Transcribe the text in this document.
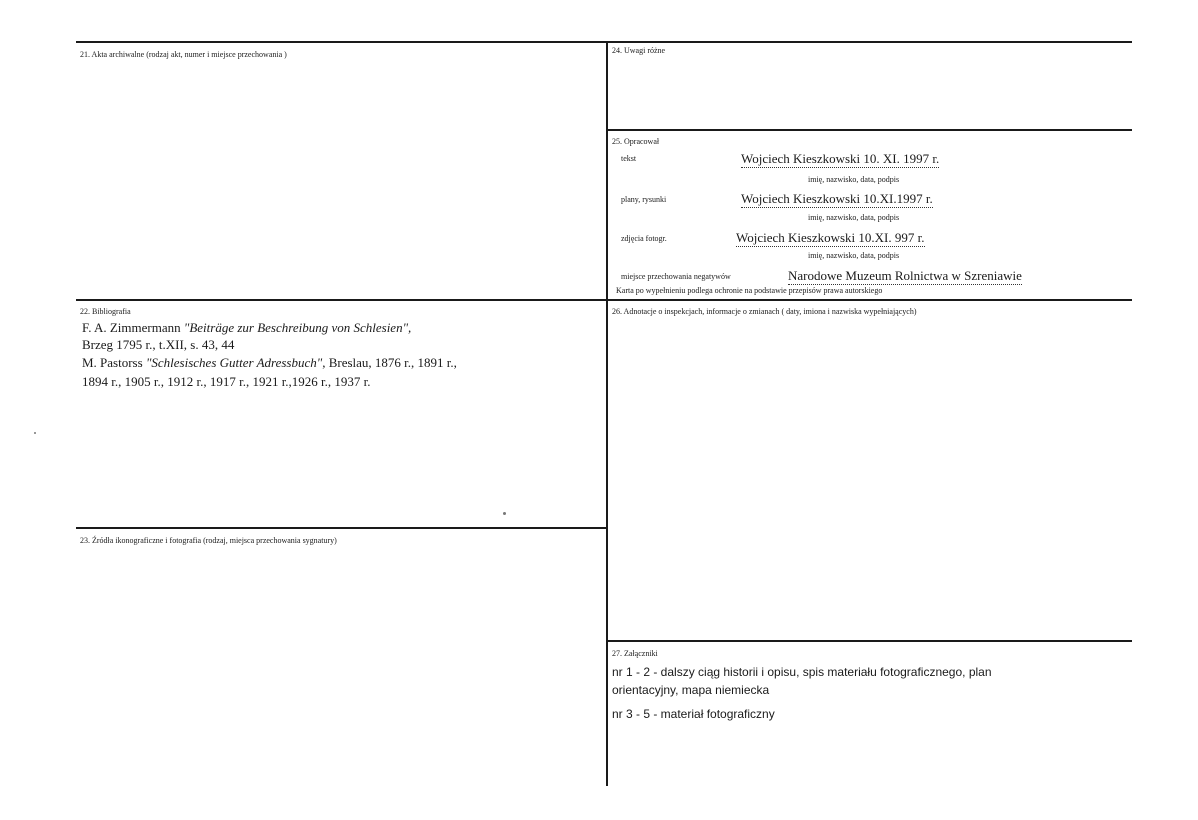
21. Akta archiwalne (rodzaj akt, numer i miejsce przechowania )
22. Bibliografia
F. A. Zimmermann "Beiträge zur Beschreibung von Schlesien",
Brzeg 1795 r., t.XII, s. 43, 44
M. Pastorss "Schlesisches Gutter Adressbuch", Breslau, 1876 r., 1891 r.,
1894 r., 1905 r., 1912 r., 1917 r., 1921 r.,1926 r., 1937 r.
23. Źródła ikonograficzne i fotografia (rodzaj, miejsca przechowania sygnatury)
24. Uwagi różne
25. Opracował
tekst	Wojciech Kieszkowski 10. XI. 1997 r.
imię, nazwisko, data, podpis
plany, rysunki	Wojciech Kieszkowski 10.XI.1997 r.
imię, nazwisko, data, podpis
zdjęcia fotogr.	Wojciech Kieszkowski 10.XI. 997 r.
imię, nazwisko, data, podpis
miejsce przechowania negatywów	Narodowe Muzeum Rolnictwa w Szreniawie
Karta po wypełnieniu podlega ochronie na podstawie przepisów prawa autorskiego
26. Adnotacje o inspekcjach, informacje o zmianach ( daty, imiona i nazwiska wypełniających)
27. Załączniki
nr 1 - 2 - dalszy ciąg historii i opisu, spis materiału fotograficznego, plan
orientacyjny, mapa niemiecka
nr 3 - 5 - materiał fotograficzny
